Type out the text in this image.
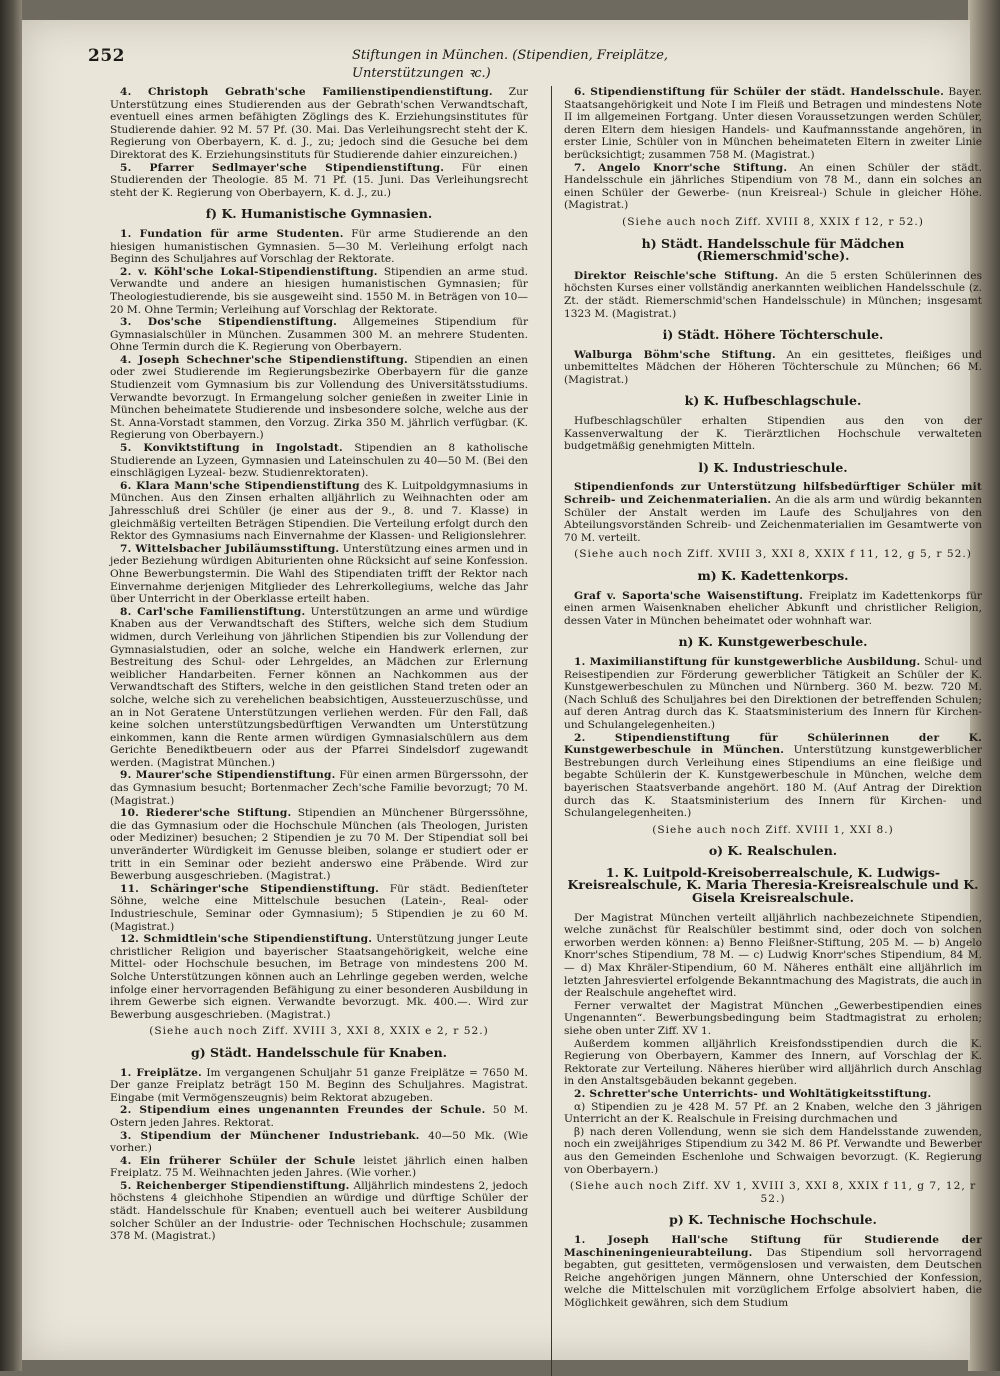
252	Stiftungen in München. (Stipendien, Freiplätze, Unterstützungen ꝛc.)

4. Christoph Gebrath'sche Familienstipendienstiftung. Zur Unterstützung eines Studierenden aus der Gebrath'schen Verwandtschaft, eventuell eines armen befähigten Zöglings des K. Erziehungsinstitutes für Studierende dahier. 92 M. 57 Pf. (30. Mai. Das Verleihungsrecht steht der K. Regierung von Oberbayern, K. d. J., zu; jedoch sind die Gesuche bei dem Direktorat des K. Erziehungsinstituts für Studierende dahier einzureichen.)

5. Pfarrer Sedlmayer'sche Stipendienstiftung. Für einen Studierenden der Theologie. 85 M. 71 Pf. (15. Juni. Das Verleihungsrecht steht der K. Regierung von Oberbayern, K. d. J., zu.)

f) K. Humanistische Gymnasien.

1. Fundation für arme Studenten. Für arme Studierende an den hiesigen humanistischen Gymnasien. 5—30 M. Verleihung erfolgt nach Beginn des Schuljahres auf Vorschlag der Rektorate.

2. v. Köhl'sche Lokal-Stipendienstiftung. Stipendien an arme stud. Verwandte und andere an hiesigen humanistischen Gymnasien; für Theologiestudierende, bis sie ausgeweiht sind. 1550 M. in Beträgen von 10—20 M. Ohne Termin; Verleihung auf Vorschlag der Rektorate.

3. Dos'sche Stipendienstiftung. Allgemeines Stipendium für Gymnasialschüler in München. Zusammen 300 M. an mehrere Studenten. Ohne Termin durch die K. Regierung von Oberbayern.

4. Joseph Schechner'sche Stipendienstiftung. Stipendien an einen oder zwei Studierende im Regierungsbezirke Oberbayern für die ganze Studienzeit vom Gymnasium bis zur Vollendung des Universitätsstudiums. Verwandte bevorzugt. In Ermangelung solcher genießen in zweiter Linie in München beheimatete Studierende und insbesondere solche, welche aus der St. Anna-Vorstadt stammen, den Vorzug. Zirka 350 M. jährlich verfügbar. (K. Regierung von Oberbayern.)

5. Konviktstiftung in Ingolstadt. Stipendien an 8 katholische Studierende an Lyzeen, Gymnasien und Lateinschulen zu 40—50 M. (Bei den einschlägigen Lyzeal- bezw. Studienrektoraten).

6. Klara Mann'sche Stipendienstiftung des K. Luitpoldgymnasiums in München. Aus den Zinsen erhalten alljährlich zu Weihnachten oder am Jahresschluß drei Schüler (je einer aus der 9., 8. und 7. Klasse) in gleichmäßig verteilten Beträgen Stipendien. Die Verteilung erfolgt durch den Rektor des Gymnasiums nach Einvernahme der Klassen- und Religionslehrer.

7. Wittelsbacher Jubiläumsstiftung. Unterstützung eines armen und in jeder Beziehung würdigen Abiturienten ohne Rücksicht auf seine Konfession. Ohne Bewerbungstermin. Die Wahl des Stipendiaten trifft der Rektor nach Einvernahme derjenigen Mitglieder des Lehrerkollegiums, welche das Jahr über Unterricht in der Oberklasse erteilt haben.

8. Carl'sche Familienstiftung. Unterstützungen an arme und würdige Knaben aus der Verwandtschaft des Stifters, welche sich dem Studium widmen, durch Verleihung von jährlichen Stipendien bis zur Vollendung der Gymnasialstudien, oder an solche, welche ein Handwerk erlernen, zur Bestreitung des Schul- oder Lehrgeldes, an Mädchen zur Erlernung weiblicher Handarbeiten. Ferner können an Nachkommen aus der Verwandtschaft des Stifters, welche in den geistlichen Stand treten oder an solche, welche sich zu verehelichen beabsichtigen, Aussteuerzuschüsse, und an in Not Geratene Unterstützungen verliehen werden. Für den Fall, daß keine solchen unterstützungsbedürftigen Verwandten um Unterstützung einkommen, kann die Rente armen würdigen Gymnasialschülern aus dem Gerichte Benediktbeuern oder aus der Pfarrei Sindelsdorf zugewandt werden. (Magistrat München.)

9. Maurer'sche Stipendienstiftung. Für einen armen Bürgerssohn, der das Gymnasium besucht; Bortenmacher Zech'sche Familie bevorzugt; 70 M. (Magistrat.)

10. Riederer'sche Stiftung. Stipendien an Münchener Bürgerssöhne, die das Gymnasium oder die Hochschule München (als Theologen, Juristen oder Mediziner) besuchen; 2 Stipendien je zu 70 M. Der Stipendiat soll bei unveränderter Würdigkeit im Genusse bleiben, solange er studiert oder er tritt in ein Seminar oder bezieht anderswo eine Präbende. Wird zur Bewerbung ausgeschrieben. (Magistrat.)

11. Schäringer'sche Stipendienstiftung. Für städt. Bedienſteter Söhne, welche eine Mittelschule besuchen (Latein-, Real- oder Industrieschule, Seminar oder Gymnasium); 5 Stipendien je zu 60 M. (Magistrat.)

12. Schmidtlein'sche Stipendienstiftung. Unterstützung junger Leute christlicher Religion und bayerischer Staatsangehörigkeit, welche eine Mittel- oder Hochschule besuchen, im Betrage von mindestens 200 M. Solche Unterstützungen können auch an Lehrlinge gegeben werden, welche infolge einer hervorragenden Befähigung zu einer besonderen Ausbildung in ihrem Gewerbe sich eignen. Verwandte bevorzugt. Mk. 400.—. Wird zur Bewerbung ausgeschrieben. (Magistrat.)

(Siehe auch noch Ziff. XVIII 3, XXI 8, XXIX e 2, r 52.)
g) Städt. Handelsschule für Knaben.

1. Freiplätze. Im vergangenen Schuljahr 51 ganze Freiplätze = 7650 M. Der ganze Freiplatz beträgt 150 M. Beginn des Schuljahres. Magistrat. Eingabe (mit Vermögenszeugnis) beim Rektorat abzugeben.

2. Stipendium eines ungenannten Freundes der Schule. 50 M. Ostern jeden Jahres. Rektorat.

3. Stipendium der Münchener Industriebank. 40—50 Mk. (Wie vorher.)

4. Ein früherer Schüler der Schule leistet jährlich einen halben Freiplatz. 75 M. Weihnachten jeden Jahres. (Wie vorher.)

5. Reichenberger Stipendienstiftung. Alljährlich mindestens 2, jedoch höchstens 4 gleichhohe Stipendien an würdige und dürftige Schüler der städt. Handelsschule für Knaben; eventuell auch bei weiterer Ausbildung solcher Schüler an der Industrie- oder Technischen Hochschule; zusammen 378 M. (Magistrat.)

6. Stipendienstiftung für Schüler der städt. Handelsschule. Bayer. Staatsangehörigkeit und Note I im Fleiß und Betragen und mindestens Note II im allgemeinen Fortgang. Unter diesen Voraussetzungen werden Schüler, deren Eltern dem hiesigen Handels- und Kaufmannsstande angehören, in erster Linie, Schüler von in München beheimateten Eltern in zweiter Linie berücksichtigt; zusammen 758 M. (Magistrat.)

7. Angelo Knorr'sche Stiftung. An einen Schüler der städt. Handelsschule ein jährliches Stipendium von 78 M., dann ein solches an einen Schüler der Gewerbe- (nun Kreisreal-) Schule in gleicher Höhe. (Magistrat.)

(Siehe auch noch Ziff. XVIII 8, XXIX f 12, r 52.)
h) Städt. Handelsschule für Mädchen (Riemerschmid'sche).

Direktor Reischle'sche Stiftung. An die 5 ersten Schülerinnen des höchsten Kurses einer vollständig anerkannten weiblichen Handelsschule (z. Zt. der städt. Riemerschmid'schen Handelsschule) in München; insgesamt 1323 M. (Magistrat.)

i) Städt. Höhere Töchterschule.

Walburga Böhm'sche Stiftung. An ein gesittetes, fleißiges und unbemitteltes Mädchen der Höheren Töchterschule zu München; 66 M. (Magistrat.)

k) K. Hufbeschlagschule.

Hufbeschlagschüler erhalten Stipendien aus den von der Kassenverwaltung der K. Tierärztlichen Hochschule verwalteten budgetmäßig genehmigten Mitteln.

l) K. Industrieschule.

Stipendienfonds zur Unterstützung hilfsbedürftiger Schüler mit Schreib- und Zeichenmaterialien. An die als arm und würdig bekannten Schüler der Anstalt werden im Laufe des Schuljahres von den Abteilungsvorständen Schreib- und Zeichenmaterialien im Gesamtwerte von 70 M. verteilt.

(Siehe auch noch Ziff. XVIII 3, XXI 8, XXIX f 11, 12, g 5, r 52.)
m) K. Kadettenkorps.

Graf v. Saporta'sche Waisenstiftung. Freiplatz im Kadettenkorps für einen armen Waisenknaben ehelicher Abkunft und christlicher Religion, dessen Vater in München beheimatet oder wohnhaft war.

n) K. Kunstgewerbeschule.

1. Maximilianstiftung für kunstgewerbliche Ausbildung. Schul- und Reisestipendien zur Förderung gewerblicher Tätigkeit an Schüler der K. Kunstgewerbeschulen zu München und Nürnberg. 360 M. bezw. 720 M. (Nach Schluß des Schuljahres bei den Direktionen der betreffenden Schulen; auf deren Antrag durch das K. Staatsministerium des Innern für Kirchen- und Schulangelegenheiten.)

2. Stipendienstiftung für Schülerinnen der K. Kunstgewerbeschule in München. Unterstützung kunstgewerblicher Bestrebungen durch Verleihung eines Stipendiums an eine fleißige und begabte Schülerin der K. Kunstgewerbeschule in München, welche dem bayerischen Staatsverbande angehört. 180 M. (Auf Antrag der Direktion durch das K. Staatsministerium des Innern für Kirchen- und Schulangelegenheiten.)

(Siehe auch noch Ziff. XVIII 1, XXI 8.)
o) K. Realschulen.
1. K. Luitpold-Kreisoberrealschule, K. Ludwigs-Kreisrealschule, K. Maria Theresia-Kreisrealschule und K. Gisela Kreisrealschule.

Der Magistrat München verteilt alljährlich nachbezeichnete Stipendien, welche zunächst für Realschüler bestimmt sind, oder doch von solchen erworben werden können: a) Benno Fleißner-Stiftung, 205 M. — b) Angelo Knorr'sches Stipendium, 78 M. — c) Ludwig Knorr'sches Stipendium, 84 M. — d) Max Khräler-Stipendium, 60 M. Näheres enthält eine alljährlich im letzten Jahresviertel erfolgende Bekanntmachung des Magistrats, die auch in der Realschule angeheftet wird.

Ferner verwaltet der Magistrat München „Gewerbestipendien eines Ungenannten“. Bewerbungsbedingung beim Stadtmagistrat zu erholen; siehe oben unter Ziff. XV 1.

Außerdem kommen alljährlich Kreisfondsstipendien durch die K. Regierung von Oberbayern, Kammer des Innern, auf Vorschlag der K. Rektorate zur Verteilung. Näheres hierüber wird alljährlich durch Anschlag in den Anstaltsgebäuden bekannt gegeben.

2. Schretter'sche Unterrichts- und Wohltätigkeitsstiftung.

α) Stipendien zu je 428 M. 57 Pf. an 2 Knaben, welche den 3 jährigen Unterricht an der K. Realschule in Freising durchmachen und

β) nach deren Vollendung, wenn sie sich dem Handelsstande zuwenden, noch ein zweijähriges Stipendium zu 342 M. 86 Pf. Verwandte und Bewerber aus den Gemeinden Eschenlohe und Schwaigen bevorzugt. (K. Regierung von Oberbayern.)

(Siehe auch noch Ziff. XV 1, XVIII 3, XXI 8, XXIX f 11, g 7, 12, r 52.)
p) K. Technische Hochschule.

1. Joseph Hall'sche Stiftung für Studierende der Maschineningenieurabteilung. Das Stipendium soll hervorragend begabten, gut gesitteten, vermögenslosen und verwaisten, dem Deutschen Reiche angehörigen jungen Männern, ohne Unterschied der Konfession, welche die Mittelschulen mit vorzüglichem Erfolge absolviert haben, die Möglichkeit gewähren, sich dem Studium
